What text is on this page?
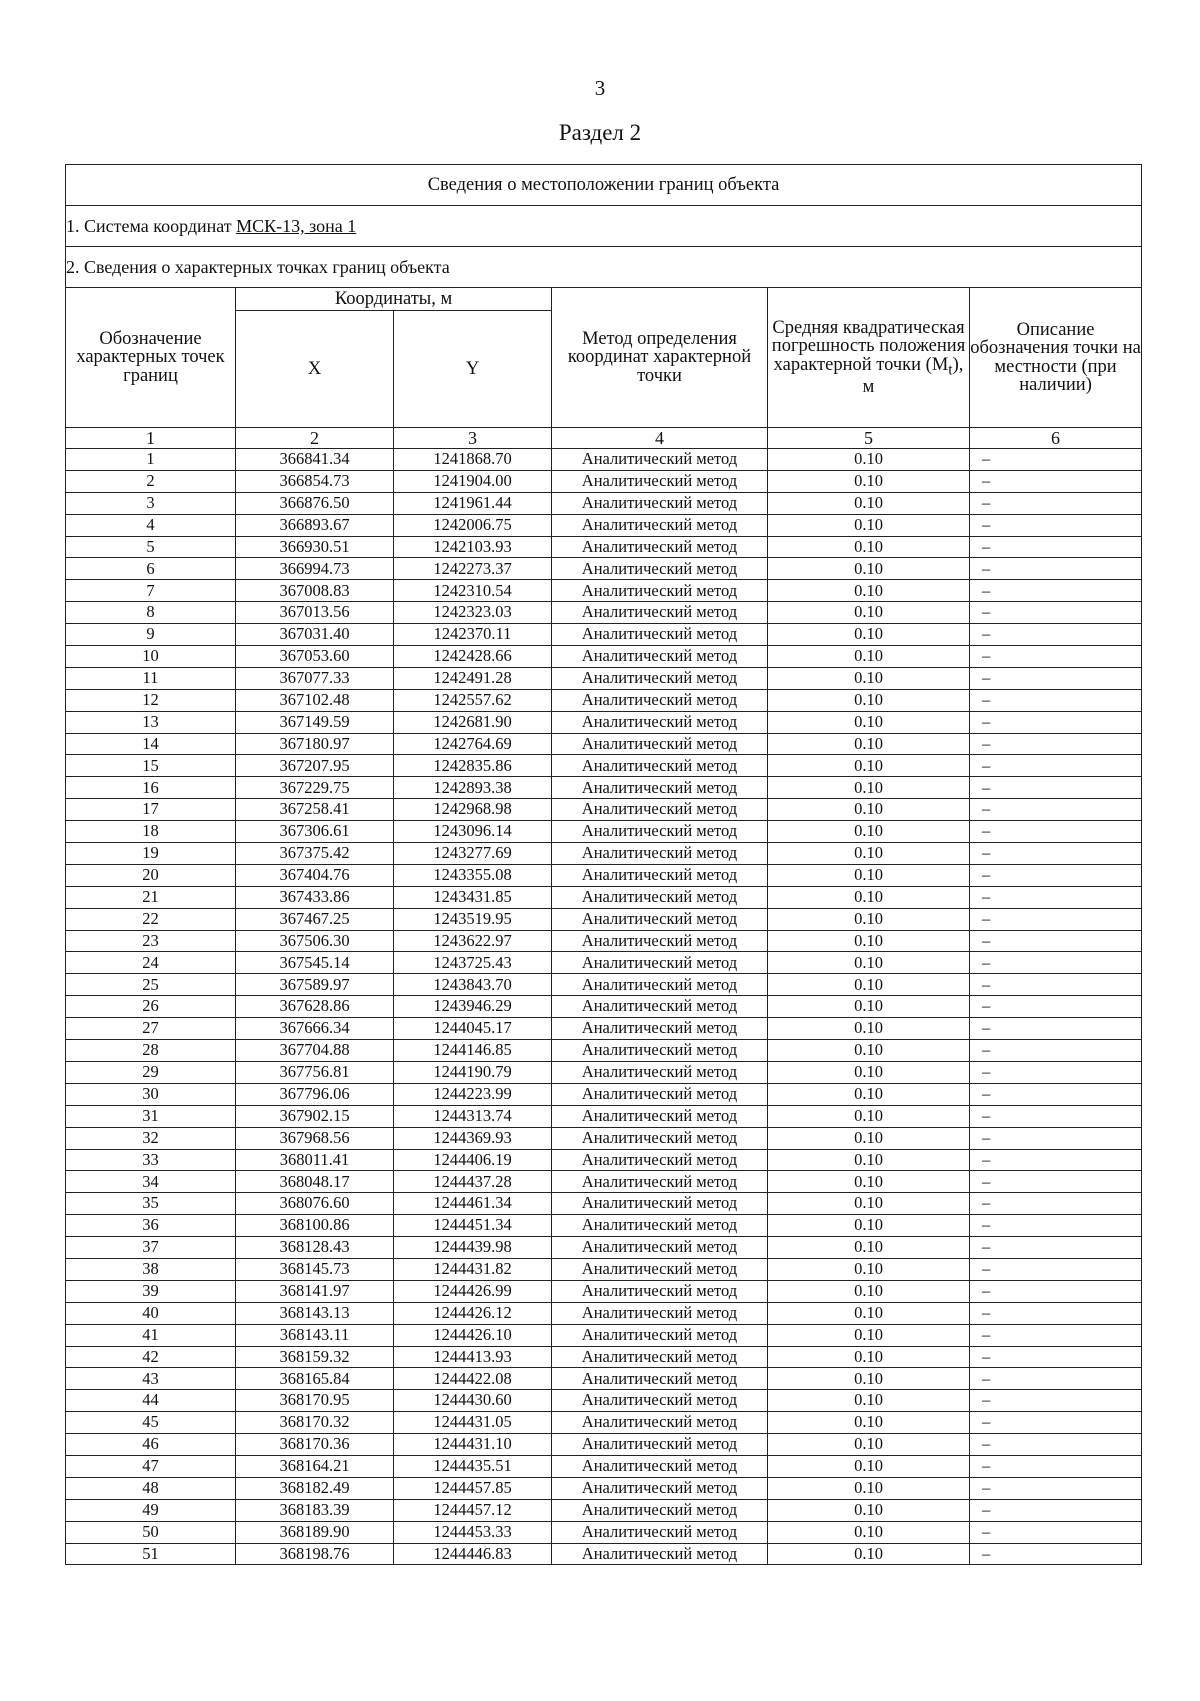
3
Раздел 2
Сведения о местоположении границ объекта					
1. Система координат МСК-13, зона 1					
2. Сведения о характерных точках границ объекта					
Обозначение характерных точек границ	Координаты, м		Метод определения координат характерной точки	Средняя квадратическая погрешность положения характерной точки $(M_t)$, м	Описание обозначения точки на местности (при наличии)
	X	Y			
1	2	3	4	5	6
1	366841.34	1241868.70	Аналитический метод	0.10	–
2	366854.73	1241904.00	Аналитический метод	0.10	–
3	366876.50	1241961.44	Аналитический метод	0.10	–
4	366893.67	1242006.75	Аналитический метод	0.10	–
5	366930.51	1242103.93	Аналитический метод	0.10	–
6	366994.73	1242273.37	Аналитический метод	0.10	–
7	367008.83	1242310.54	Аналитический метод	0.10	–
8	367013.56	1242323.03	Аналитический метод	0.10	–
9	367031.40	1242370.11	Аналитический метод	0.10	–
10	367053.60	1242428.66	Аналитический метод	0.10	–
11	367077.33	1242491.28	Аналитический метод	0.10	–
12	367102.48	1242557.62	Аналитический метод	0.10	–
13	367149.59	1242681.90	Аналитический метод	0.10	–
14	367180.97	1242764.69	Аналитический метод	0.10	–
15	367207.95	1242835.86	Аналитический метод	0.10	–
16	367229.75	1242893.38	Аналитический метод	0.10	–
17	367258.41	1242968.98	Аналитический метод	0.10	–
18	367306.61	1243096.14	Аналитический метод	0.10	–
19	367375.42	1243277.69	Аналитический метод	0.10	–
20	367404.76	1243355.08	Аналитический метод	0.10	–
21	367433.86	1243431.85	Аналитический метод	0.10	–
22	367467.25	1243519.95	Аналитический метод	0.10	–
23	367506.30	1243622.97	Аналитический метод	0.10	–
24	367545.14	1243725.43	Аналитический метод	0.10	–
25	367589.97	1243843.70	Аналитический метод	0.10	–
26	367628.86	1243946.29	Аналитический метод	0.10	–
27	367666.34	1244045.17	Аналитический метод	0.10	–
28	367704.88	1244146.85	Аналитический метод	0.10	–
29	367756.81	1244190.79	Аналитический метод	0.10	–
30	367796.06	1244223.99	Аналитический метод	0.10	–
31	367902.15	1244313.74	Аналитический метод	0.10	–
32	367968.56	1244369.93	Аналитический метод	0.10	–
33	368011.41	1244406.19	Аналитический метод	0.10	–
34	368048.17	1244437.28	Аналитический метод	0.10	–
35	368076.60	1244461.34	Аналитический метод	0.10	–
36	368100.86	1244451.34	Аналитический метод	0.10	–
37	368128.43	1244439.98	Аналитический метод	0.10	–
38	368145.73	1244431.82	Аналитический метод	0.10	–
39	368141.97	1244426.99	Аналитический метод	0.10	–
40	368143.13	1244426.12	Аналитический метод	0.10	–
41	368143.11	1244426.10	Аналитический метод	0.10	–
42	368159.32	1244413.93	Аналитический метод	0.10	–
43	368165.84	1244422.08	Аналитический метод	0.10	–
44	368170.95	1244430.60	Аналитический метод	0.10	–
45	368170.32	1244431.05	Аналитический метод	0.10	–
46	368170.36	1244431.10	Аналитический метод	0.10	–
47	368164.21	1244435.51	Аналитический метод	0.10	–
48	368182.49	1244457.85	Аналитический метод	0.10	–
49	368183.39	1244457.12	Аналитический метод	0.10	–
50	368189.90	1244453.33	Аналитический метод	0.10	–
51	368198.76	1244446.83	Аналитический метод	0.10	–
